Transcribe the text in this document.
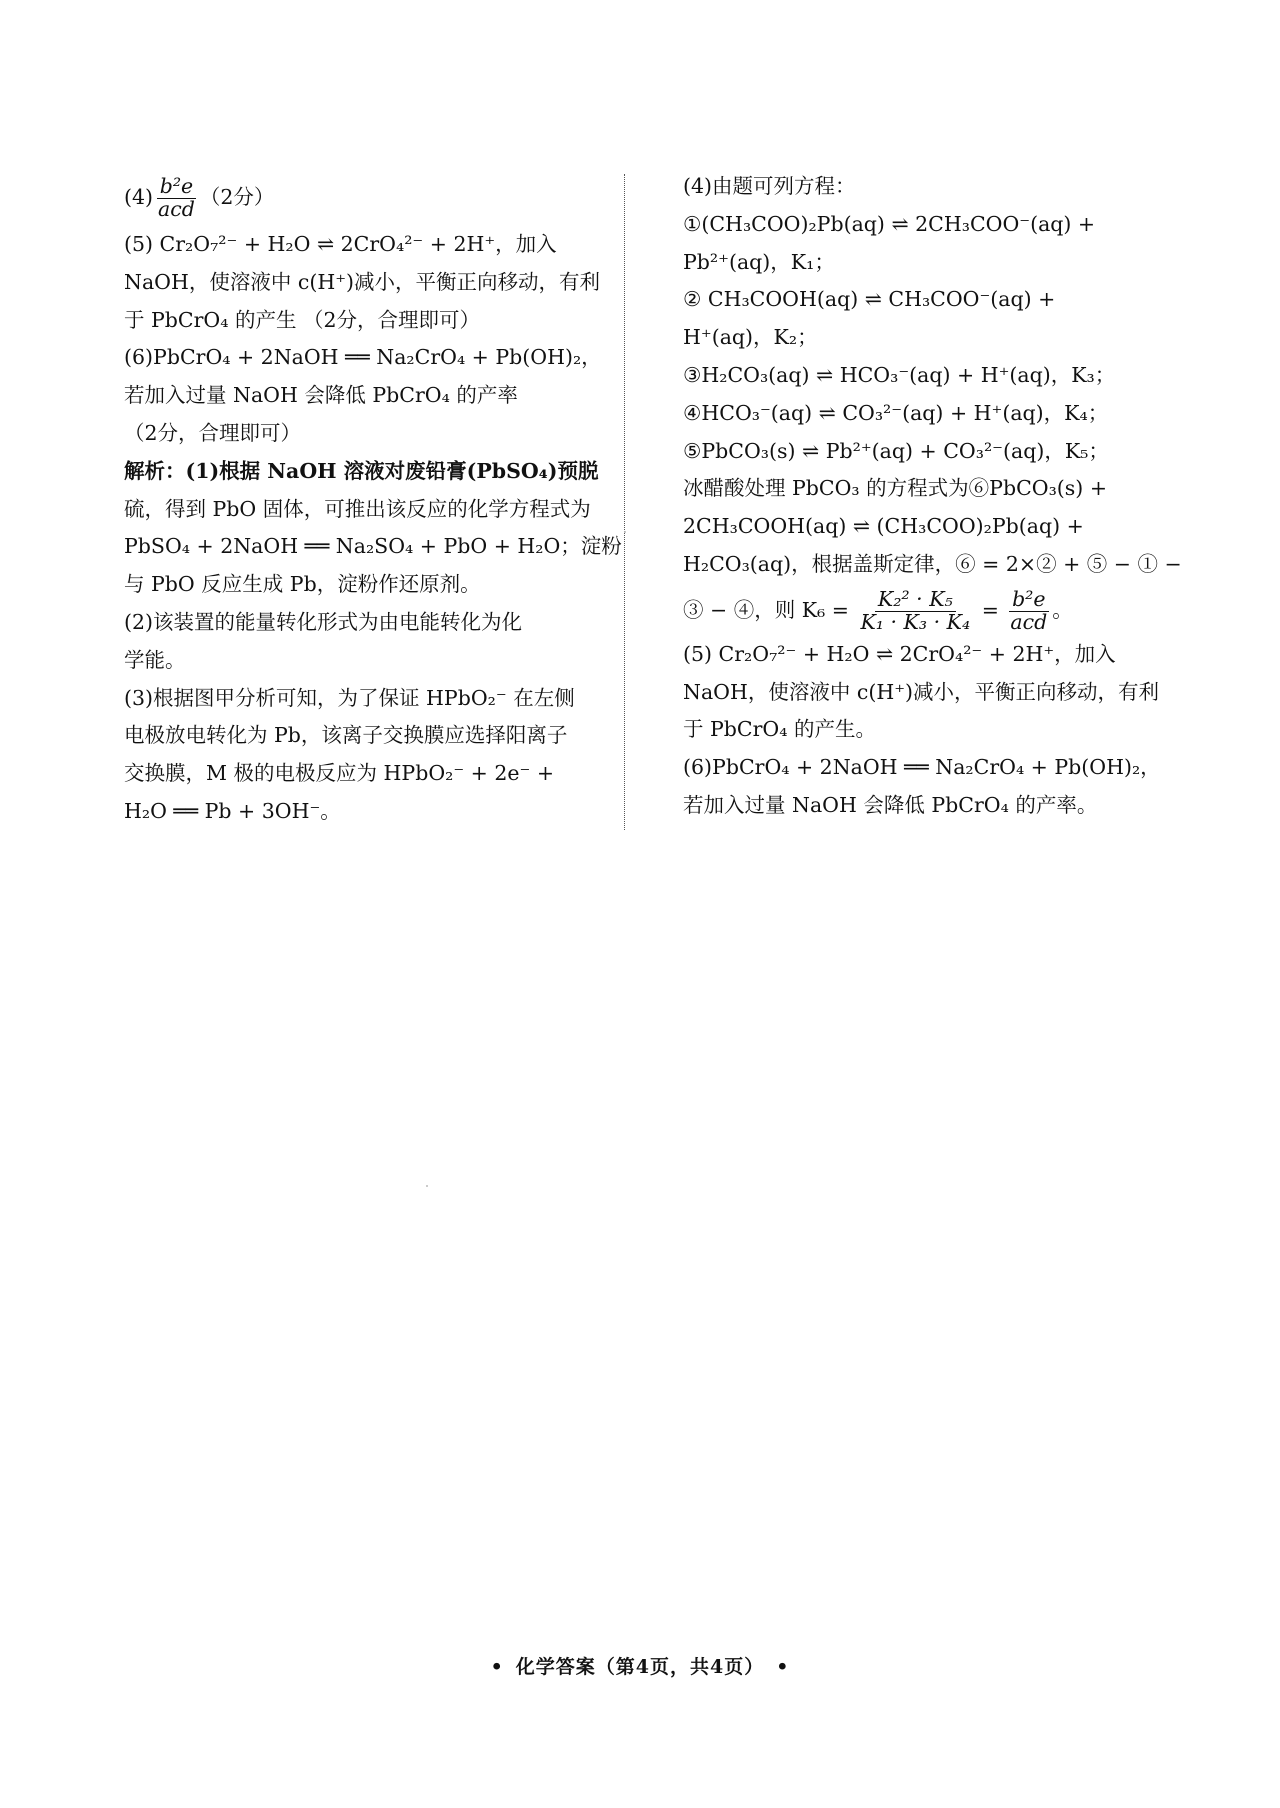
$(4) \frac{\text{b²e}}{\text{acd}} (2$分）
(5) Cr₂O₇²⁻ + H₂O ⇌ 2CrO₄²⁻ + 2H⁺，加入
NaOH，使溶液中 c(H⁺)减小，平衡正向移动，有利
于 PbCrO₄ 的产生 （2分，合理即可）
(6)PbCrO₄ + 2NaOH ══ Na₂CrO₄ + Pb(OH)₂，
若加入过量 NaOH 会降低 PbCrO₄ 的产率
（2分，合理即可）
解析：(1)根据 NaOH 溶液对废铅膏(PbSO₄)预脱
硫，得到 PbO 固体，可推出该反应的化学方程式为
PbSO₄ + 2NaOH ══ Na₂SO₄ + PbO + H₂O；淀粉
与 PbO 反应生成 Pb，淀粉作还原剂。
(2)该装置的能量转化形式为由电能转化为化
学能。
(3)根据图甲分析可知，为了保证 HPbO₂⁻ 在左侧
电极放电转化为 Pb，该离子交换膜应选择阳离子
交换膜，M 极的电极反应为 HPbO₂⁻ + 2e⁻ +
H₂O ══ Pb + 3OH⁻。
(4)由题可列方程：
①(CH₃COO)₂Pb(aq) ⇌ 2CH₃COO⁻(aq) +
Pb²⁺(aq)，K₁；
② CH₃COOH(aq) ⇌ CH₃COO⁻(aq) +
H⁺(aq)，K₂；
③H₂CO₃(aq) ⇌ HCO₃⁻(aq) + H⁺(aq)，K₃；
④HCO₃⁻(aq) ⇌ CO₃²⁻(aq) + H⁺(aq)，K₄；
⑤PbCO₃(s) ⇌ Pb²⁺(aq) + CO₃²⁻(aq)，K₅；
冰醋酸处理 PbCO₃ 的方程式为⑥PbCO₃(s) +
2CH₃COOH(aq) ⇌ (CH₃COO)₂Pb(aq) +
H₂CO₃(aq)，根据盖斯定律，⑥ = 2×② + ⑤ − ① −
③ − ④，则 $K_6 = \frac{\text{K₂² · K₅}}{\text{K₁ · K₃ · K₄}} = \frac{\text{b²e}}{\text{acd}}$ 。
(5) Cr₂O₇²⁻ + H₂O ⇌ 2CrO₄²⁻ + 2H⁺，加入
NaOH，使溶液中 c(H⁺)减小，平衡正向移动，有利
于 PbCrO₄ 的产生。
(6)PbCrO₄ + 2NaOH ══ Na₂CrO₄ + Pb(OH)₂，
若加入过量 NaOH 会降低 PbCrO₄ 的产率。
• 化学答案（第4页，共4页） •
